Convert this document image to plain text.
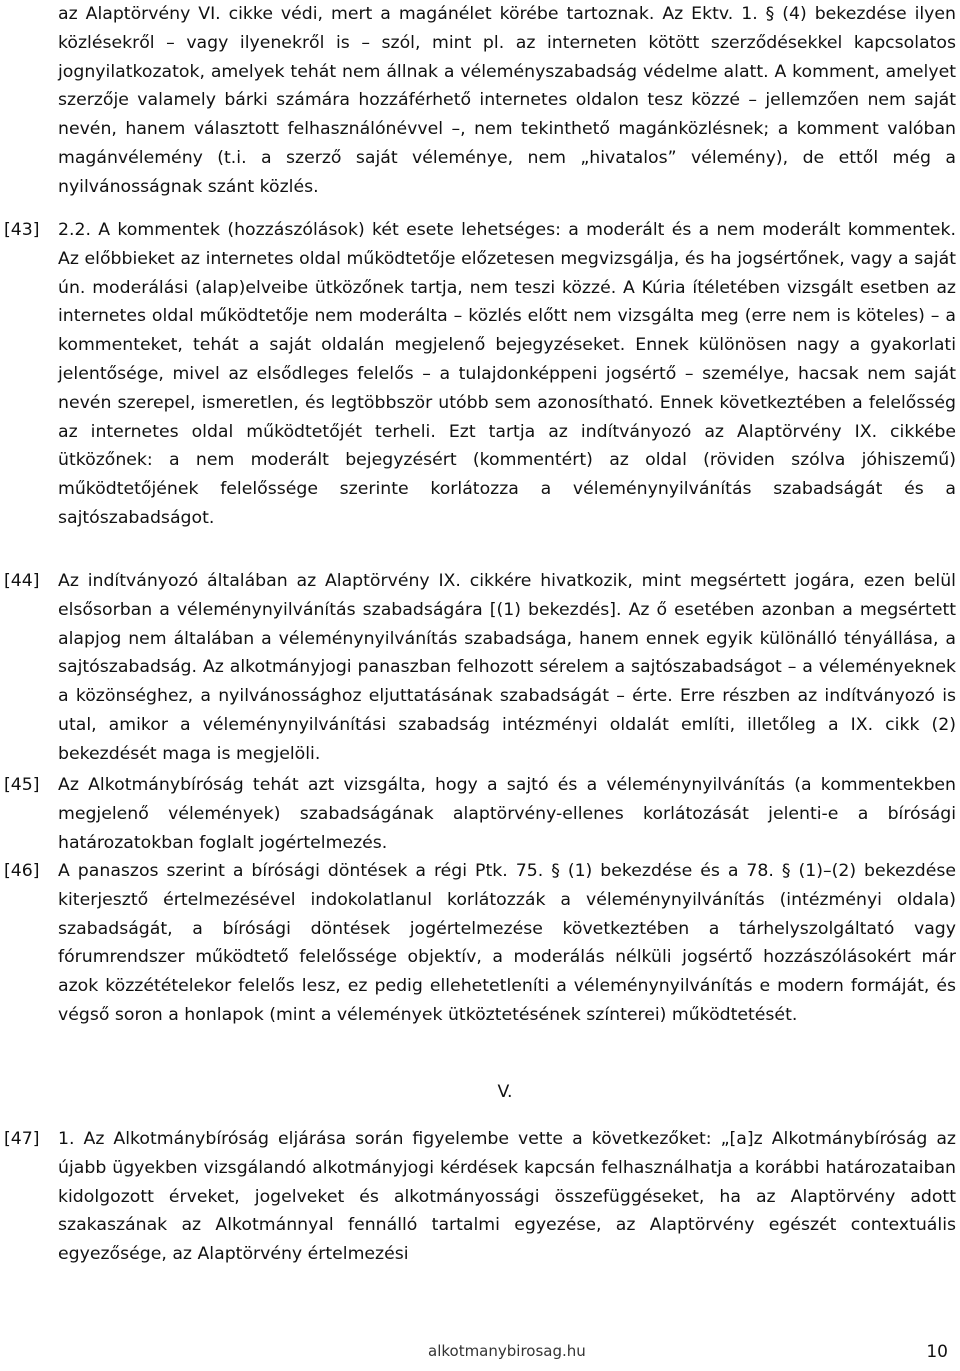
az Alaptörvény VI. cikke védi, mert a magánélet körébe tartoznak. Az Ektv. 1. § (4) bekezdése ilyen közlésekről – vagy ilyenekről is – szól, mint pl. az interneten kötött szerződésekkel kapcsolatos jognyilatkozatok, amelyek tehát nem állnak a véleményszabadság védelme alatt. A komment, amelyet szerzője valamely bárki számára hozzáférhető internetes oldalon tesz közzé – jellemzően nem saját nevén, hanem választott felhasználónévvel –, nem tekinthető magánközlésnek; a komment valóban magánvélemény (t.i. a szerző saját véleménye, nem „hivatalos” vélemény), de ettől még a nyilvánosságnak szánt közlés.

[43] 2.2. A kommentek (hozzászólások) két esete lehetséges: a moderált és a nem moderált kommentek. Az előbbieket az internetes oldal működtetője előzetesen megvizsgálja, és ha jogsértőnek, vagy a saját ún. moderálási (alap)elveibe ütközőnek tartja, nem teszi közzé. A Kúria ítéletében vizsgált esetben az internetes oldal működtetője nem moderálta – közlés előtt nem vizsgálta meg (erre nem is köteles) – a kommenteket, tehát a saját oldalán megjelenő bejegyzéseket. Ennek különösen nagy a gyakorlati jelentősége, mivel az elsődleges felelős – a tulajdonképpeni jogsértő – személye, hacsak nem saját nevén szerepel, ismeretlen, és legtöbbször utóbb sem azonosítható. Ennek következtében a felelősség az internetes oldal működtetőjét terheli. Ezt tartja az indítványozó az Alaptörvény IX. cikkébe ütközőnek: a nem moderált bejegyzésért (kommentért) az oldal (röviden szólva jóhiszemű) működtetőjének felelőssége szerinte korlátozza a véleménynyilvánítás szabadságát és a sajtószabadságot.

[44] Az indítványozó általában az Alaptörvény IX. cikkére hivatkozik, mint megsértett jogára, ezen belül elsősorban a véleménynyilvánítás szabadságára [(1) bekezdés]. Az ő esetében azonban a megsértett alapjog nem általában a véleménynyilvánítás szabadsága, hanem ennek egyik különálló tényállása, a sajtószabadság. Az alkotmányjogi panaszban felhozott sérelem a sajtószabadságot – a véleményeknek a közönséghez, a nyilvánossághoz eljuttatásának szabadságát – érte. Erre részben az indítványozó is utal, amikor a véleménynyilvánítási szabadság intézményi oldalát említi, illetőleg a IX. cikk (2) bekezdését maga is megjelöli.

[45] Az Alkotmánybíróság tehát azt vizsgálta, hogy a sajtó és a véleménynyilvánítás (a kommentekben megjelenő vélemények) szabadságának alaptörvény-ellenes korlátozását jelenti-e a bírósági határozatokban foglalt jogértelmezés.

[46] A panaszos szerint a bírósági döntések a régi Ptk. 75. § (1) bekezdése és a 78. § (1)–(2) bekezdése kiterjesztő értelmezésével indokolatlanul korlátozzák a véleménynyilvánítás (intézményi oldala) szabadságát, a bírósági döntések jogértelmezése következtében a tárhelyszolgáltató vagy fórumrendszer működtető felelőssége objektív, a moderálás nélküli jogsértő hozzászólásokért már azok közzétételekor felelős lesz, ez pedig ellehetetleníti a véleménynyilvánítás e modern formáját, és végső soron a honlapok (mint a vélemények ütköztetésének színterei) működtetését.

V.

[47] 1. Az Alkotmánybíróság eljárása során figyelembe vette a következőket: „[a]z Alkotmánybíróság az újabb ügyekben vizsgálandó alkotmányjogi kérdések kapcsán felhasználhatja a korábbi határozataiban kidolgozott érveket, jogelveket és alkotmányossági összefüggéseket, ha az Alaptörvény adott szakaszának az Alkotmánnyal fennálló tartalmi egyezése, az Alaptörvény egészét contextuális egyezősége, az Alaptörvény értelmezési

alkotmanybirosag.hu	10
